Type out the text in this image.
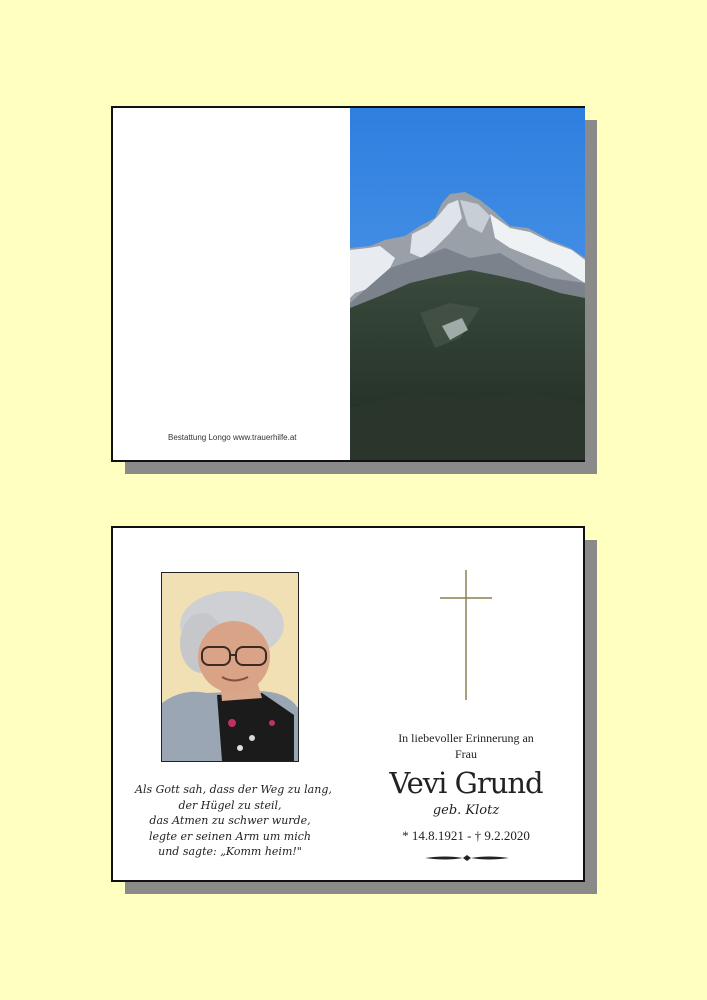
Bestattung Longo www.trauerhilfe.at
Als Gott sah, dass der Weg zu lang,
der Hügel zu steil,
das Atmen zu schwer wurde,
legte er seinen Arm um mich
und sagte: „Komm heim!"
In liebevoller Erinnerung an
Frau
Vevi Grund
geb. Klotz
* 14.8.1921 - † 9.2.2020
